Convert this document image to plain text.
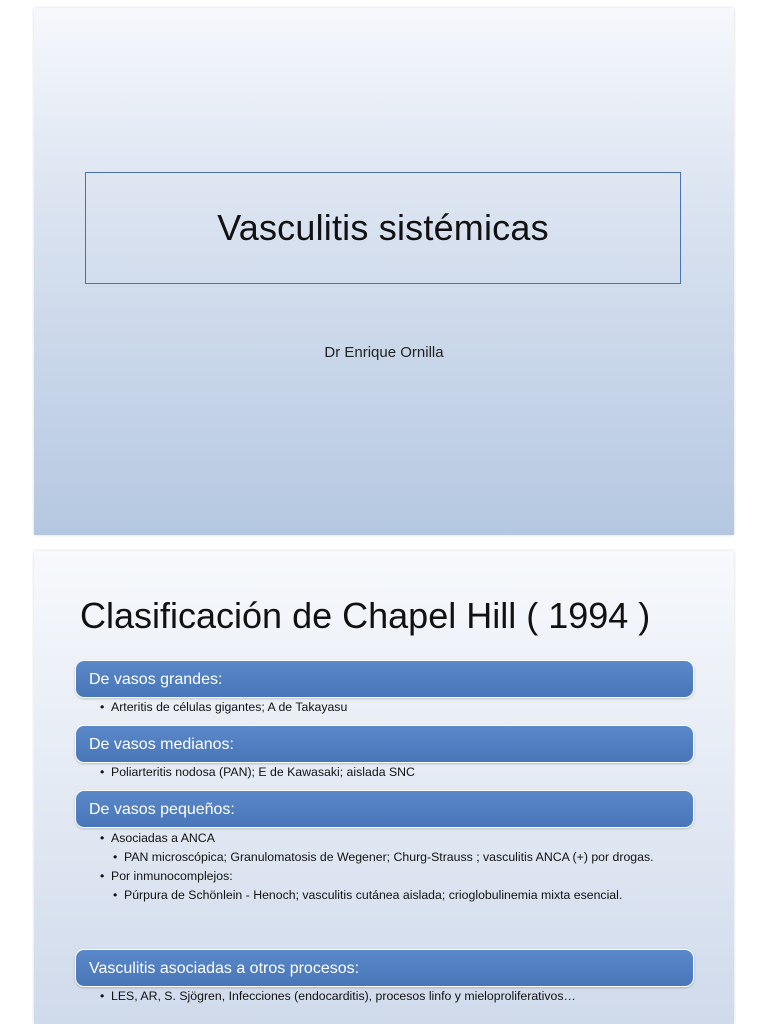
Vasculitis sistémicas
Dr Enrique Ornilla
Clasificación de Chapel Hill ( 1994 )
De vasos grandes:
• Arteritis de células gigantes; A de Takayasu
De vasos medianos:
• Poliarteritis nodosa (PAN); E de Kawasaki; aislada SNC
De vasos pequeños:
• Asociadas a ANCA
• PAN microscópica; Granulomatosis de Wegener; Churg-Strauss ; vasculitis ANCA (+) por drogas.
• Por inmunocomplejos:
• Púrpura de Schönlein - Henoch; vasculitis cutánea aislada; crioglobulinemia mixta esencial.
Vasculitis asociadas a otros procesos:
• LES, AR, S. Sjögren, Infecciones (endocarditis), procesos linfo y mieloproliferativos…
